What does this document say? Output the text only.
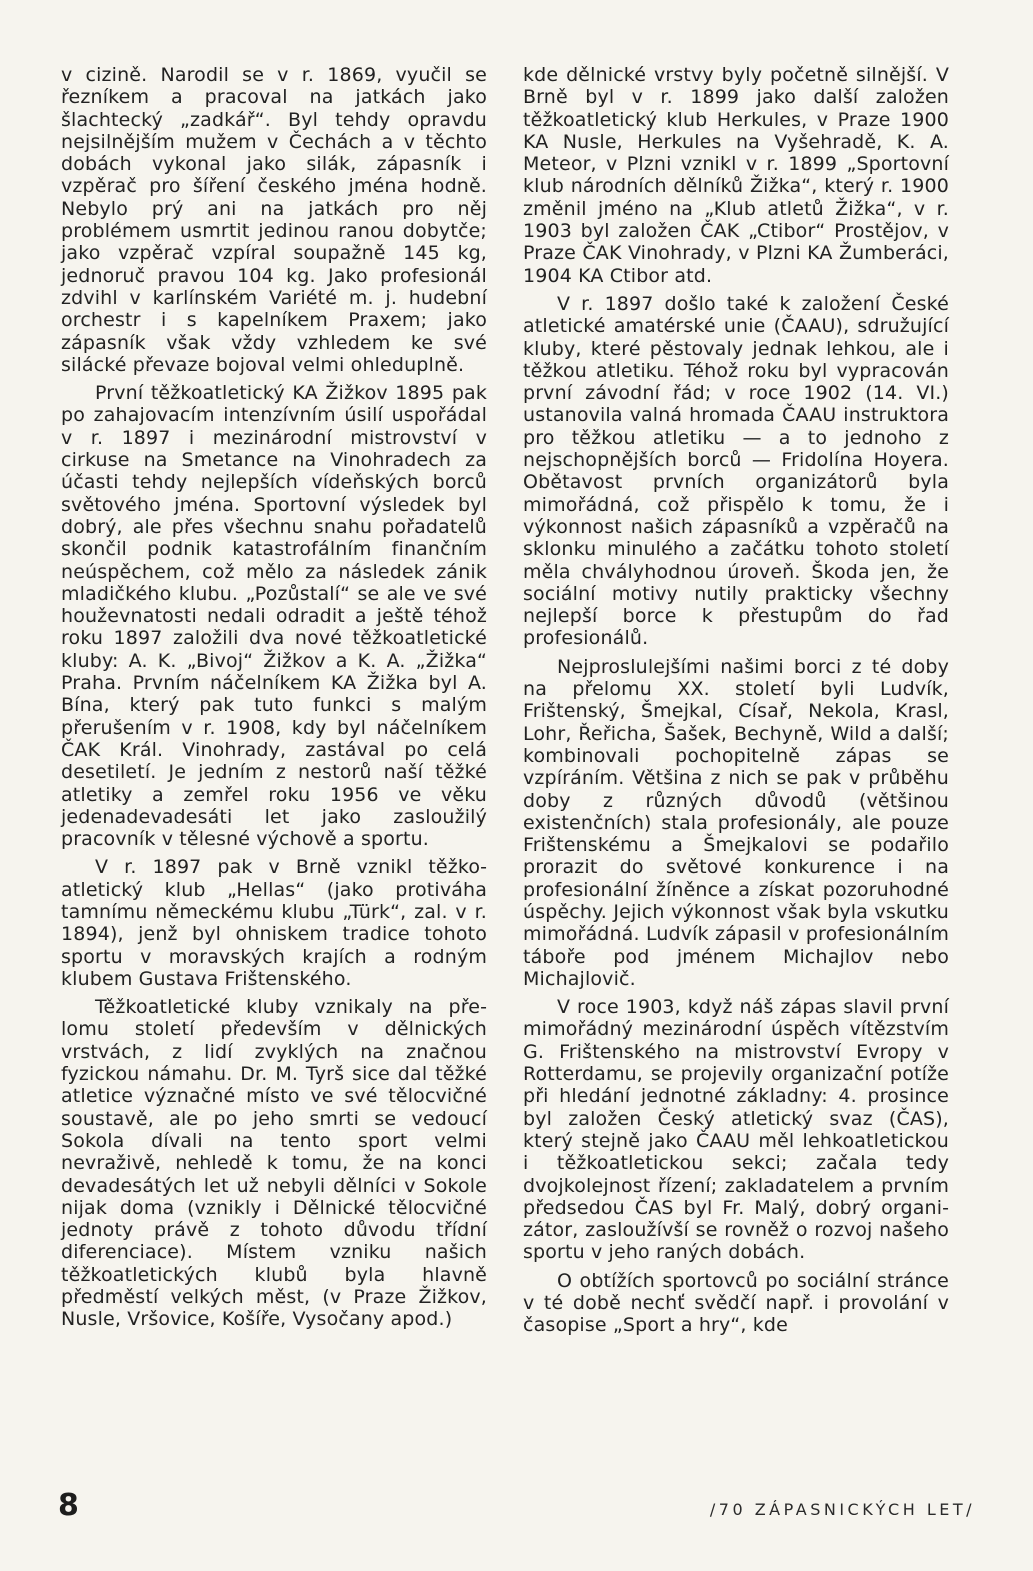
v cizině. Narodil se v r. 1869, vyučil se řezníkem a pracoval na jatkách jako šlachtecký „zadkář“. Byl tehdy opravdu nejsilnějším mužem v Čechách a v těchto dobách vykonal jako silák, zápasník i vzpěrač pro šíření českého jména hodně. Nebylo prý ani na jatkách pro něj problémem usmrtit jedinou ranou dobytče; jako vzpěrač vzpíral soupažně 145 kg, jednoruč pravou 104 kg. Jako profesionál zdvihl v karlínském Variété m. j. hudební orchestr i s kapelníkem Praxem; jako zápasník však vždy vzhledem ke své silácké převaze bojoval velmi ohleduplně.

První těžkoatletický KA Žižkov 1895 pak po zahajovacím intenzívním úsilí uspořádal v r. 1897 i mezinárodní mistrovství v cirkuse na Smetance na Vinohradech za účasti tehdy nejlepších vídeňských borců světového jména. Sportovní výsledek byl dobrý, ale přes všechnu snahu pořadatelů skončil podnik katastrofálním finančním neúspěchem, což mělo za následek zánik mladičkého klubu. „Pozůstalí“ se ale ve své houževnatosti nedali odradit a ještě téhož roku 1897 založili dva nové těžkoatletické kluby: A. K. „Bivoj“ Žižkov a K. A. „Žižka“ Praha. Prvním náčelníkem KA Žižka byl A. Bína, který pak tuto funkci s malým přerušením v r. 1908, kdy byl náčelníkem ČAK Král. Vinohrady, zastával po celá desetiletí. Je jedním z nestorů naší těžké atletiky a zemřel roku 1956 ve věku jedenadevadesáti let jako zasloužilý pracovník v tělesné výchově a sportu.

V r. 1897 pak v Brně vznikl těžkoatletický klub „Hellas“ (jako protiváha tamnímu německému klubu „Türk“, zal. v r. 1894), jenž byl ohniskem tradice tohoto sportu v moravských krajích a rodným klubem Gustava Frištenského.

Těžkoatletické kluby vznikaly na přelomu století především v dělnických vrstvách, z lidí zvyklých na značnou fyzickou námahu. Dr. M. Tyrš sice dal těžké atletice význačné místo ve své tělocvičné soustavě, ale po jeho smrti se vedoucí Sokola dívali na tento sport velmi nevraživě, nehledě k tomu, že na konci devadesátých let už nebyli dělníci v Sokole nijak doma (vznikly i Dělnické tělocvičné jednoty právě z tohoto důvodu třídní diferenciace). Místem vzniku našich těžkoatletických klubů byla hlavně předměstí velkých měst, (v Praze Žižkov, Nusle, Vršovice, Košíře, Vysočany apod.)

kde dělnické vrstvy byly početně silnější. V Brně byl v r. 1899 jako další založen těžkoatletický klub Herkules, v Praze 1900 KA Nusle, Herkules na Vyšehradě, K. A. Meteor, v Plzni vznikl v r. 1899 „Sportovní klub národních dělníků Žižka“, který r. 1900 změnil jméno na „Klub atletů Žižka“, v r. 1903 byl založen ČAK „Ctibor“ Prostějov, v Praze ČAK Vinohrady, v Plzni KA Žumberáci, 1904 KA Ctibor atd.

V r. 1897 došlo také k založení České atletické amatérské unie (ČAAU), sdružující kluby, které pěstovaly jednak lehkou, ale i těžkou atletiku. Téhož roku byl vypracován první závodní řád; v roce 1902 (14. VI.) ustanovila valná hromada ČAAU instruktora pro těžkou atletiku — a to jednoho z nejschopnějších borců — Fridolína Hoyera. Obětavost prvních organizátorů byla mimořádná, což přispělo k tomu, že i výkonnost našich zápasníků a vzpěračů na sklonku minulého a začátku tohoto století měla chvályhodnou úroveň. Škoda jen, že sociální motivy nutily prakticky všechny nejlepší borce k přestupům do řad profesionálů.

Nejproslulejšími našimi borci z té doby na přelomu XX. století byli Ludvík, Frištenský, Šmejkal, Císař, Nekola, Krasl, Lohr, Řeřicha, Šašek, Bechyně, Wild a další; kombinovali pochopitelně zápas se vzpíráním. Většina z nich se pak v průběhu doby z různých důvodů (většinou existenčních) stala profesionály, ale pouze Frištenskému a Šmejkalovi se podařilo prorazit do světové konkurence i na profesionální žíněnce a získat pozoruhodné úspěchy. Jejich výkonnost však byla vskutku mimořádná. Ludvík zápasil v profesionálním táboře pod jménem Michajlov nebo Michajlovič.

V roce 1903, když náš zápas slavil první mimořádný mezinárodní úspěch vítězstvím G. Frištenského na mistrovství Evropy v Rotterdamu, se projevily organizační potíže při hledání jednotné základny: 4. prosince byl založen Český atletický svaz (ČAS), který stejně jako ČAAU měl lehkoatletickou i těžkoatletickou sekci; začala tedy dvojkolejnost řízení; zakladatelem a prvním předsedou ČAS byl Fr. Malý, dobrý organizátor, zasloužívší se rovněž o rozvoj našeho sportu v jeho raných dobách.

O obtížích sportovců po sociální stránce v té době nechť svědčí např. i provolání v časopise „Sport a hry“, kde

8	/70 ZÁPASNICKÝCH LET/
